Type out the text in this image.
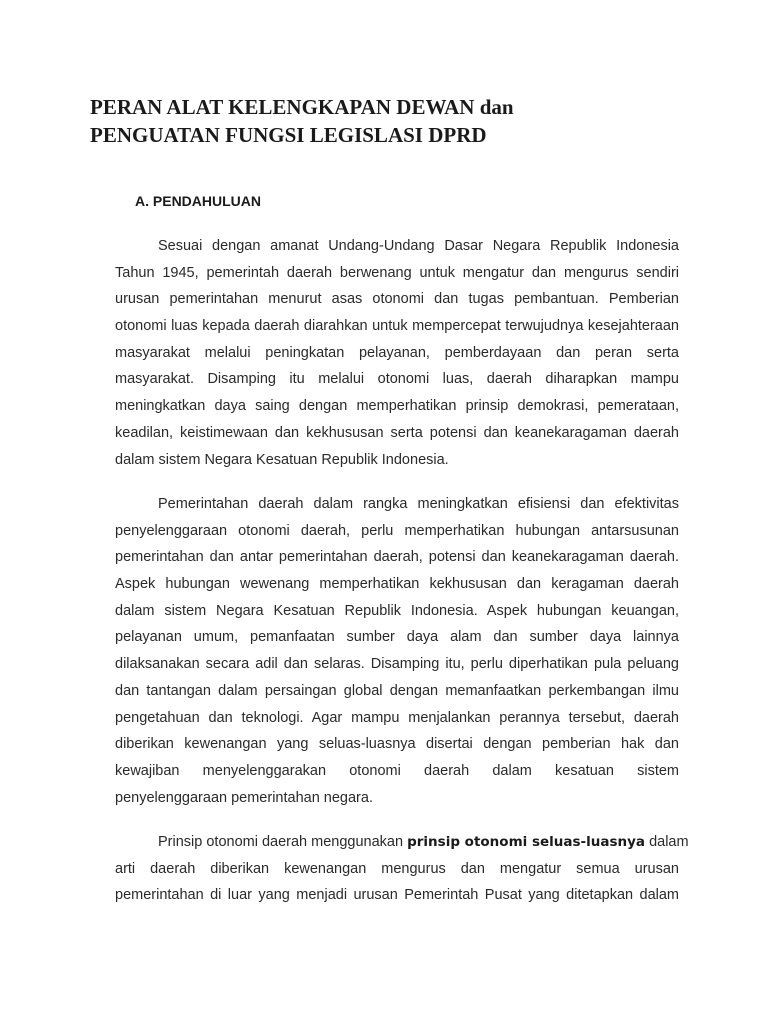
PERAN ALAT KELENGKAPAN DEWAN dan
PENGUATAN FUNGSI LEGISLASI DPRD
A. PENDAHULUAN

Sesuai dengan amanat Undang-Undang Dasar Negara Republik Indonesia
Tahun 1945, pemerintah daerah berwenang untuk mengatur dan mengurus sendiri
urusan pemerintahan menurut asas otonomi dan tugas pembantuan. Pemberian
otonomi luas kepada daerah diarahkan untuk mempercepat terwujudnya kesejahteraan
masyarakat melalui peningkatan pelayanan, pemberdayaan dan peran serta
masyarakat. Disamping itu melalui otonomi luas, daerah diharapkan mampu
meningkatkan daya saing dengan memperhatikan prinsip demokrasi, pemerataan,
keadilan, keistimewaan dan kekhususan serta potensi dan keanekaragaman daerah
dalam sistem Negara Kesatuan Republik Indonesia.

Pemerintahan daerah dalam rangka meningkatkan efisiensi dan efektivitas
penyelenggaraan otonomi daerah, perlu memperhatikan hubungan antarsusunan
pemerintahan dan antar pemerintahan daerah, potensi dan keanekaragaman daerah.
Aspek hubungan wewenang memperhatikan kekhususan dan keragaman daerah
dalam sistem Negara Kesatuan Republik Indonesia. Aspek hubungan keuangan,
pelayanan umum, pemanfaatan sumber daya alam dan sumber daya lainnya
dilaksanakan secara adil dan selaras. Disamping itu, perlu diperhatikan pula peluang
dan tantangan dalam persaingan global dengan memanfaatkan perkembangan ilmu
pengetahuan dan teknologi. Agar mampu menjalankan perannya tersebut, daerah
diberikan kewenangan yang seluas-luasnya disertai dengan pemberian hak dan
kewajiban menyelenggarakan otonomi daerah dalam kesatuan sistem
penyelenggaraan pemerintahan negara.

Prinsip otonomi daerah menggunakan prinsip otonomi seluas-luasnya dalam
arti daerah diberikan kewenangan mengurus dan mengatur semua urusan
pemerintahan di luar yang menjadi urusan Pemerintah Pusat yang ditetapkan dalam
